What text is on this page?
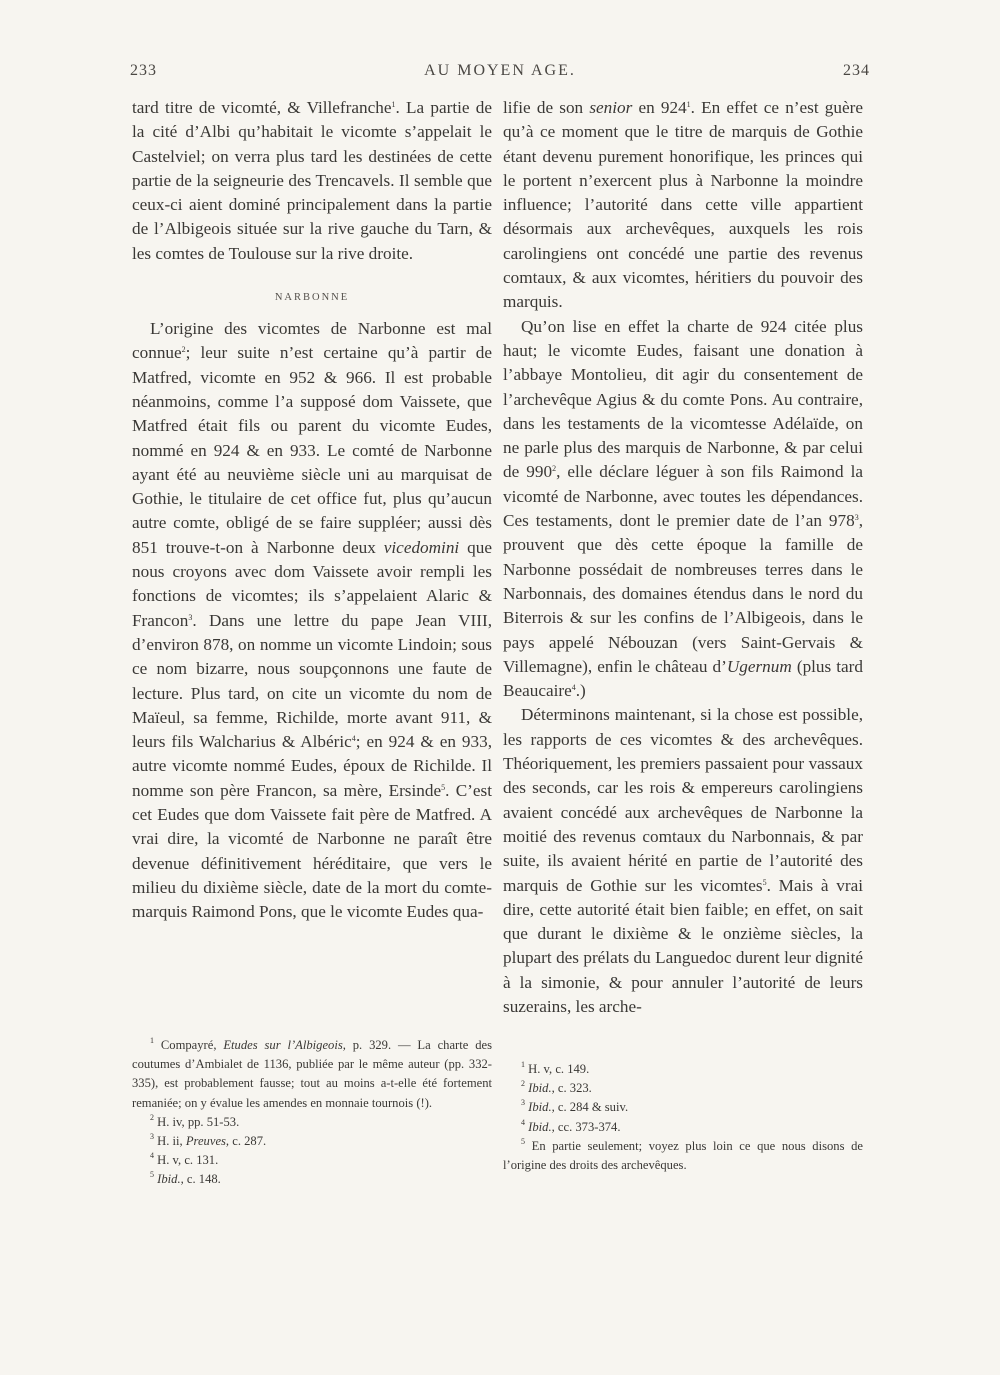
233	AU MOYEN AGE.	234

tard titre de vicomté, & Villefranche$^1$. La partie de la cité d’Albi qu’habitait le vicomte s’appelait le Castelviel; on verra plus tard les destinées de cette partie de la seigneurie des Trencavels. Il semble que ceux-ci aient dominé principalement dans la partie de l’Albigeois située sur la rive gauche du Tarn, & les comtes de Toulouse sur la rive droite.

NARBONNE

L’origine des vicomtes de Narbonne est mal connue$^2$; leur suite n’est certaine qu’à partir de Matfred, vicomte en 952 & 966. Il est probable néanmoins, comme l’a supposé dom Vaissete, que Matfred était fils ou parent du vicomte Eudes, nommé en 924 & en 933. Le comté de Narbonne ayant été au neuvième siècle uni au marquisat de Gothie, le titulaire de cet office fut, plus qu’aucun autre comte, obligé de se faire suppléer; aussi dès 851 trouve-t-on à Narbonne deux vicedomini que nous croyons avec dom Vaissete avoir rempli les fonctions de vicomtes; ils s’appelaient Alaric & Francon$^3$. Dans une lettre du pape Jean VIII, d’environ 878, on nomme un vicomte Lindoin; sous ce nom bizarre, nous soupçonnons une faute de lecture. Plus tard, on cite un vicomte du nom de Maïeul, sa femme, Richilde, morte avant 911, & leurs fils Walcharius & Albéric$^4$; en 924 & en 933, autre vicomte nommé Eudes, époux de Richilde. Il nomme son père Francon, sa mère, Ersinde$^5$. C’est cet Eudes que dom Vaissete fait père de Matfred. A vrai dire, la vicomté de Narbonne ne paraît être devenue définitivement héréditaire, que vers le milieu du dixième siècle, date de la mort du comte-marquis Raimond Pons, que le vicomte Eudes qua-

$^1$ Compayré, Etudes sur l’Albigeois, p. 329. — La charte des coutumes d’Ambialet de 1136, publiée par le même auteur (pp. 332-335), est probablement fausse; tout au moins a-t-elle été fortement remaniée; on y évalue les amendes en monnaie tournois (!).

$^2$ H. iv, pp. 51-53.

$^3$ H. ii, Preuves, c. 287.

$^4$ H. v, c. 131.

$^5$ Ibid., c. 148.

lifie de son senior en $924^1$. En effet ce n’est guère qu’à ce moment que le titre de marquis de Gothie étant devenu purement honorifique, les princes qui le portent n’exercent plus à Narbonne la moindre influence; l’autorité dans cette ville appartient désormais aux archevêques, auxquels les rois carolingiens ont concédé une partie des revenus comtaux, & aux vicomtes, héritiers du pouvoir des marquis.

Qu’on lise en effet la charte de 924 citée plus haut; le vicomte Eudes, faisant une donation à l’abbaye Montolieu, dit agir du consentement de l’archevêque Agius & du comte Pons. Au contraire, dans les testaments de la vicomtesse Adélaïde, on ne parle plus des marquis de Narbonne, & par celui de $990^2$, elle déclare léguer à son fils Raimond la vicomté de Narbonne, avec toutes les dépendances. Ces testaments, dont le premier date de l’an $978^3$, prouvent que dès cette époque la famille de Narbonne possédait de nombreuses terres dans le Narbonnais, des domaines étendus dans le nord du Biterrois & sur les confins de l’Albigeois, dans le pays appelé Nébouzan (vers Saint-Gervais & Villemagne), enfin le château d’Ugernum (plus tard Beaucaire$^4$.)

Déterminons maintenant, si la chose est possible, les rapports de ces vicomtes & des archevêques. Théoriquement, les premiers passaient pour vassaux des seconds, car les rois & empereurs carolingiens avaient concédé aux archevêques de Narbonne la moitié des revenus comtaux du Narbonnais, & par suite, ils avaient hérité en partie de l’autorité des marquis de Gothie sur les vicomtes$^5$. Mais à vrai dire, cette autorité était bien faible; en effet, on sait que durant le dixième & le onzième siècles, la plupart des prélats du Languedoc durent leur dignité à la simonie, & pour annuler l’autorité de leurs suzerains, les arche-

$^1$ H. v, c. 149.

$^2$ Ibid., c. 323.

$^3$ Ibid., c. 284 & suiv.

$^4$ Ibid., cc. 373-374.

$^5$ En partie seulement; voyez plus loin ce que nous disons de l’origine des droits des archevêques.
